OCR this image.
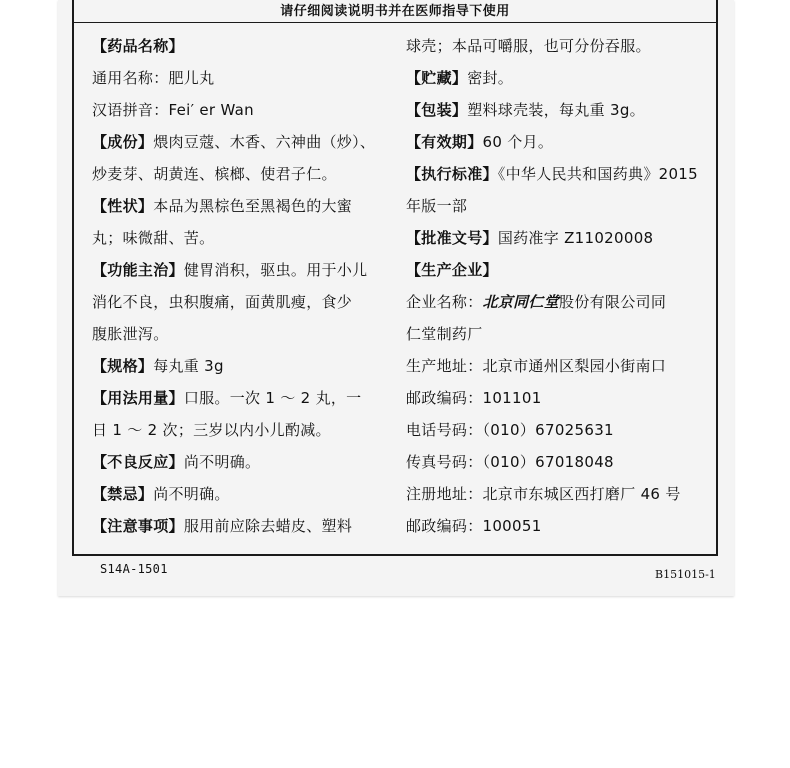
请仔细阅读说明书并在医师指导下使用
【药品名称】
通用名称：肥儿丸
汉语拼音：Fei′ er Wan
【成份】煨肉豆蔻、木香、六神曲（炒）、
炒麦芽、胡黄连、槟榔、使君子仁。
【性状】本品为黑棕色至黑褐色的大蜜
丸；味微甜、苦。
【功能主治】健胃消积，驱虫。用于小儿
消化不良，虫积腹痛，面黄肌瘦，食少
腹胀泄泻。
【规格】每丸重 3g
【用法用量】口服。一次 1 ～ 2 丸，一
日 1 ～ 2 次；三岁以内小儿酌减。
【不良反应】尚不明确。
【禁忌】尚不明确。
【注意事项】服用前应除去蜡皮、塑料
球壳；本品可嚼服，也可分份吞服。
【贮藏】密封。
【包装】塑料球壳装，每丸重 3g。
【有效期】60 个月。
【执行标准】《中华人民共和国药典》2015
年版一部
【批准文号】国药准字 Z11020008
【生产企业】
企业名称：北京同仁堂股份有限公司同
仁堂制药厂
生产地址：北京市通州区梨园小街南口
邮政编码：101101
电话号码：（010）67025631
传真号码：（010）67018048
注册地址：北京市东城区西打磨厂 46 号
邮政编码：100051
S14A-1501	B151015-1
